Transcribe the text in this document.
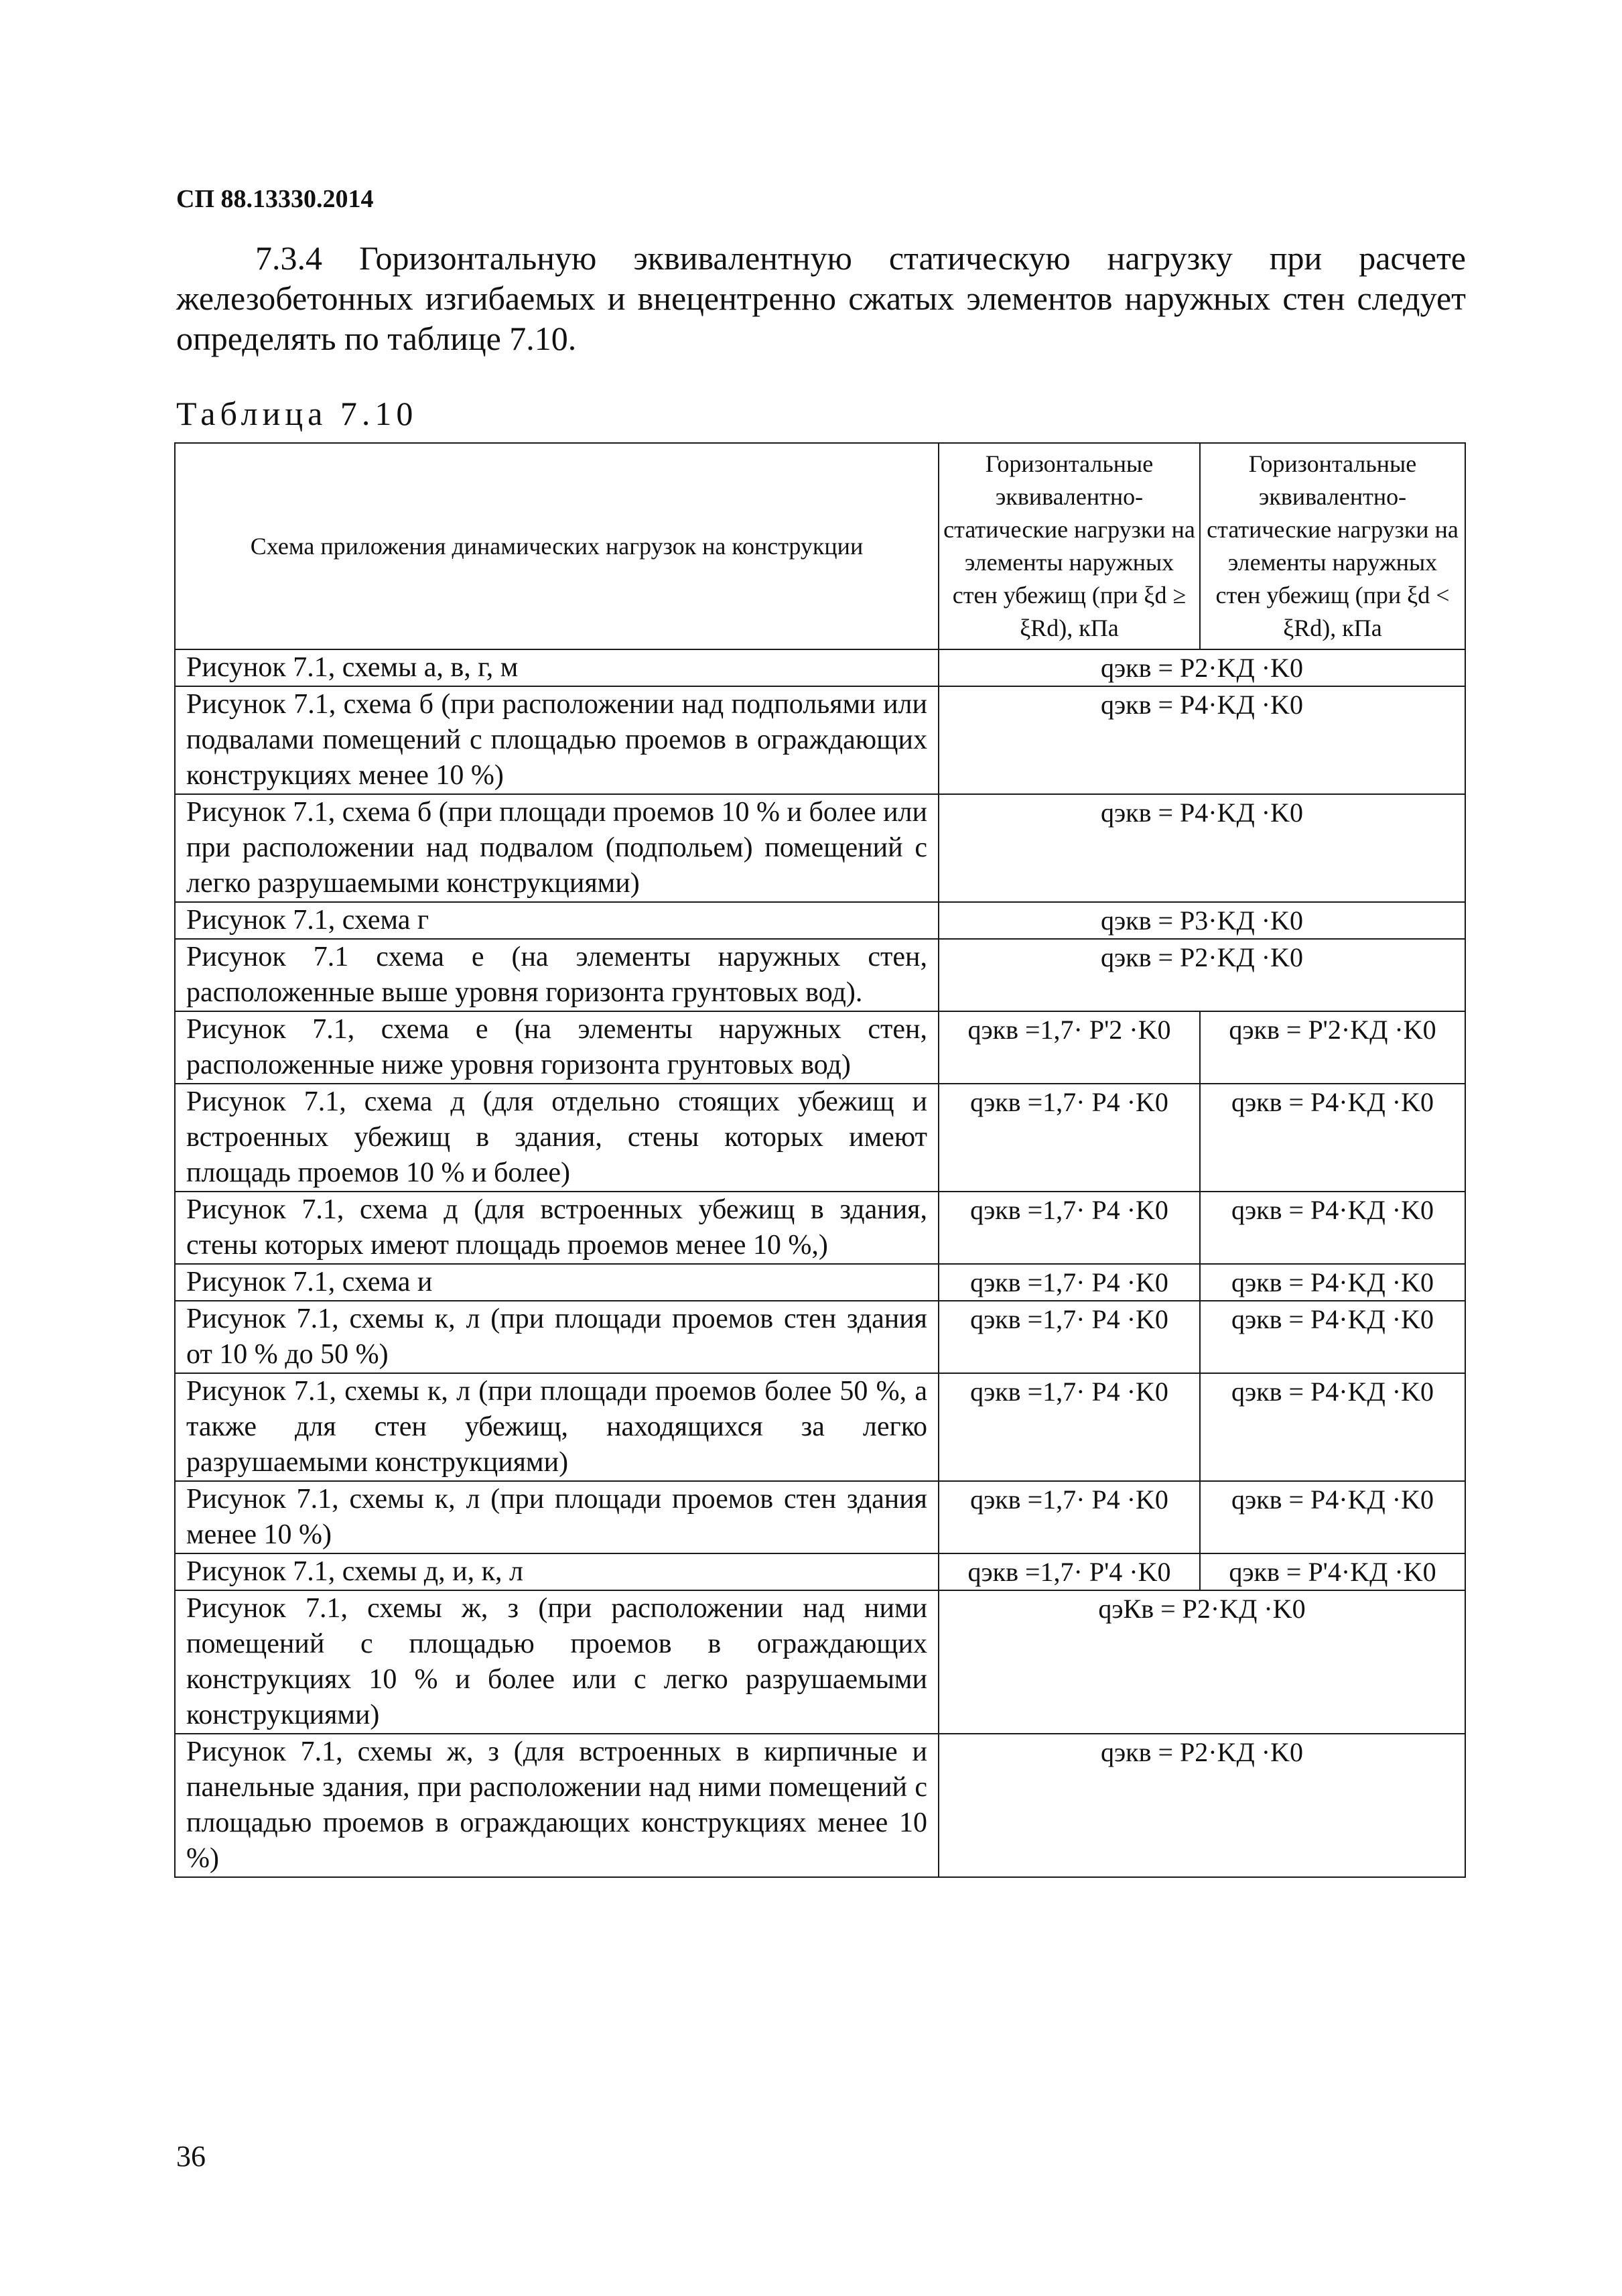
СП 88.13330.2014
7.3.4 Горизонтальную эквивалентную статическую нагрузку при расчете железобетонных изгибаемых и внецентренно сжатых элементов наружных стен следует определять по таблице 7.10.
Таблица 7.10
Схема приложения динамических нагрузок на конструкции	Горизонтальные эквивалентно-статические нагрузки на элементы наружных стен убежищ (при ξd ≥ ξRd), кПа	Горизонтальные эквивалентно-статические нагрузки на элементы наружных стен убежищ (при ξd < ξRd), кПа
Рисунок 7.1, схемы а, в, г, м	qэкв = P2·KД ·K0	
Рисунок 7.1, схема б (при расположении над подпольями или подвалами помещений с площадью проемов в ограждающих конструкциях менее 10 %)	qэкв = P4·KД ·K0	
Рисунок 7.1, схема б (при площади проемов 10 % и более или при расположении над подвалом (подпольем) помещений с легко разрушаемыми конструкциями)	qэкв = P4·KД ·K0	
Рисунок 7.1, схема г	qэкв = P3·KД ·K0	
Рисунок 7.1 схема е (на элементы наружных стен, расположенные выше уровня горизонта грунтовых вод).	qэкв = P2·KД ·K0	
Рисунок 7.1, схема е (на элементы наружных стен, расположенные ниже уровня горизонта грунтовых вод)	qэкв =1,7· P'2 ·K0	qэкв = P'2·KД ·K0
Рисунок 7.1, схема д (для отдельно стоящих убежищ и встроенных убежищ в здания, стены которых имеют площадь проемов 10 % и более)	qэкв =1,7· P4 ·K0	qэкв = P4·KД ·K0
Рисунок 7.1, схема д (для встроенных убежищ в здания, стены которых имеют площадь проемов менее 10 %,)	qэкв =1,7· P4 ·K0	qэкв = P4·KД ·K0
Рисунок 7.1, схема и	qэкв =1,7· P4 ·K0	qэкв = P4·KД ·K0
Рисунок 7.1, схемы к, л (при площади проемов стен здания от 10 % до 50 %)	qэкв =1,7· P4 ·K0	qэкв = P4·KД ·K0
Рисунок 7.1, схемы к, л (при площади проемов более 50 %, а также для стен убежищ, находящихся за легко разрушаемыми конструкциями)	qэкв =1,7· P4 ·K0	qэкв = P4·KД ·K0
Рисунок 7.1, схемы к, л (при площади проемов стен здания менее 10 %)	qэкв =1,7· P4 ·K0	qэкв = P4·KД ·K0
Рисунок 7.1, схемы д, и, к, л	qэкв =1,7· P'4 ·K0	qэкв = P'4·KД ·K0
Рисунок 7.1, схемы ж, з (при расположении над ними помещений с площадью проемов в ограждающих конструкциях 10 % и более или с легко разрушаемыми конструкциями)	qэКв = P2·KД ·K0	
Рисунок 7.1, схемы ж, з (для встроенных в кирпичные и панельные здания, при расположении над ними помещений с площадью проемов в ограждающих конструкциях менее 10 %)	qэкв = P2·KД ·K0	
36
